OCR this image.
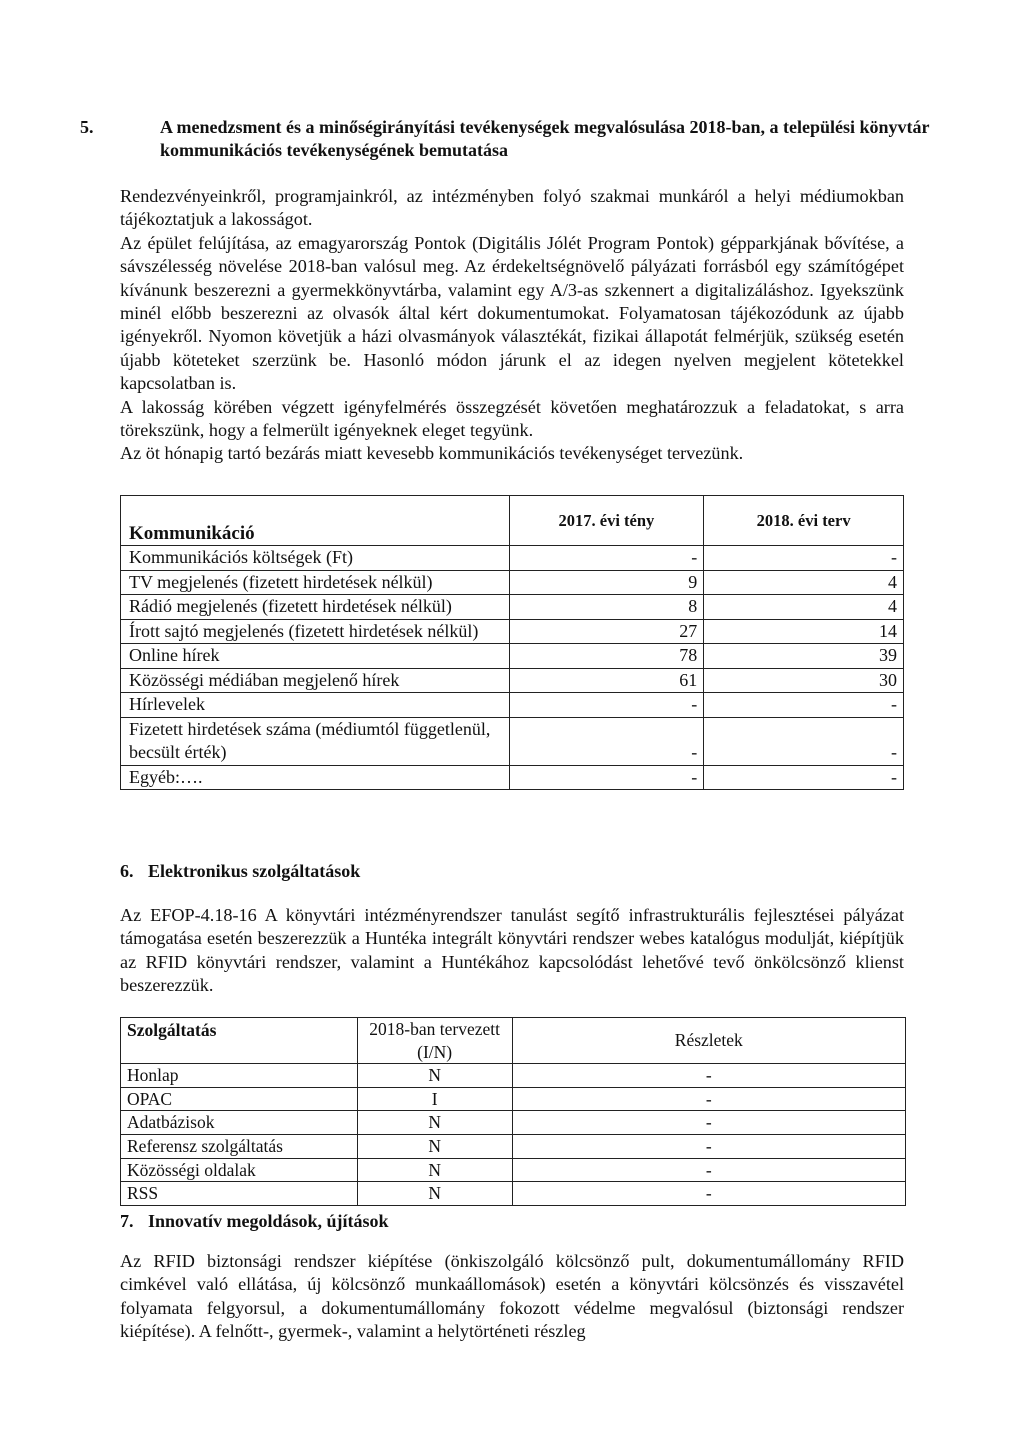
5.	A menedzsment és a minőségirányítási tevékenységek megvalósulása 2018-ban, a települési könyvtár kommunikációs tevékenységének bemutatása

Rendezvényeinkről, programjainkról, az intézményben folyó szakmai munkáról a helyi médiumokban tájékoztatjuk a lakosságot.

Az épület felújítása, az emagyarország Pontok (Digitális Jólét Program Pontok) gépparkjának bővítése, a sávszélesség növelése 2018-ban valósul meg. Az érdekeltségnövelő pályázati forrásból egy számítógépet kívánunk beszerezni a gyermekkönyvtárba, valamint egy A/3-as szkennert a digitalizáláshoz. Igyekszünk minél előbb beszerezni az olvasók által kért dokumentumokat. Folyamatosan tájékozódunk az újabb igényekről. Nyomon követjük a házi olvasmányok választékát, fizikai állapotát felmérjük, szükség esetén újabb köteteket szerzünk be. Hasonló módon járunk el az idegen nyelven megjelent kötetekkel kapcsolatban is.

A lakosság körében végzett igényfelmérés összegzését követően meghatározzuk a feladatokat, s arra törekszünk, hogy a felmerült igényeknek eleget tegyünk.

Az öt hónapig tartó bezárás miatt kevesebb kommunikációs tevékenységet tervezünk.

Kommunikáció	2017. évi tény	2018. évi terv
Kommunikációs költségek (Ft)	-	-
TV megjelenés (fizetett hirdetések nélkül)	9	4
Rádió megjelenés (fizetett hirdetések nélkül)	8	4
Írott sajtó megjelenés (fizetett hirdetések nélkül)	27	14
Online hírek	78	39
Közösségi médiában megjelenő hírek	61	30
Hírlevelek	-	-
Fizetett hirdetések száma (médiumtól függetlenül, becsült érték)	-	-
Egyéb:….	-	-
6. Elektronikus szolgáltatások

Az EFOP-4.18-16 A könyvtári intézményrendszer tanulást segítő infrastrukturális fejlesztései pályázat támogatása esetén beszerezzük a Huntéka integrált könyvtári rendszer webes katalógus modulját, kiépítjük az RFID könyvtári rendszer, valamint a Huntékához kapcsolódást lehetővé tevő önkölcsönző klienst beszerezzük.

Szolgáltatás	2018-ban tervezett (I/N)	Részletek
Honlap	N	-
OPAC	I	-
Adatbázisok	N	-
Referensz szolgáltatás	N	-
Közösségi oldalak	N	-
RSS	N	-
7. Innovatív megoldások, újítások

Az RFID biztonsági rendszer kiépítése (önkiszolgáló kölcsönző pult, dokumentumállomány RFID cimkével való ellátása, új kölcsönző munkaállomások) esetén a könyvtári kölcsönzés és visszavétel folyamata felgyorsul, a dokumentumállomány fokozott védelme megvalósul (biztonsági rendszer kiépítése). A felnőtt-, gyermek-, valamint a helytörténeti részleg
